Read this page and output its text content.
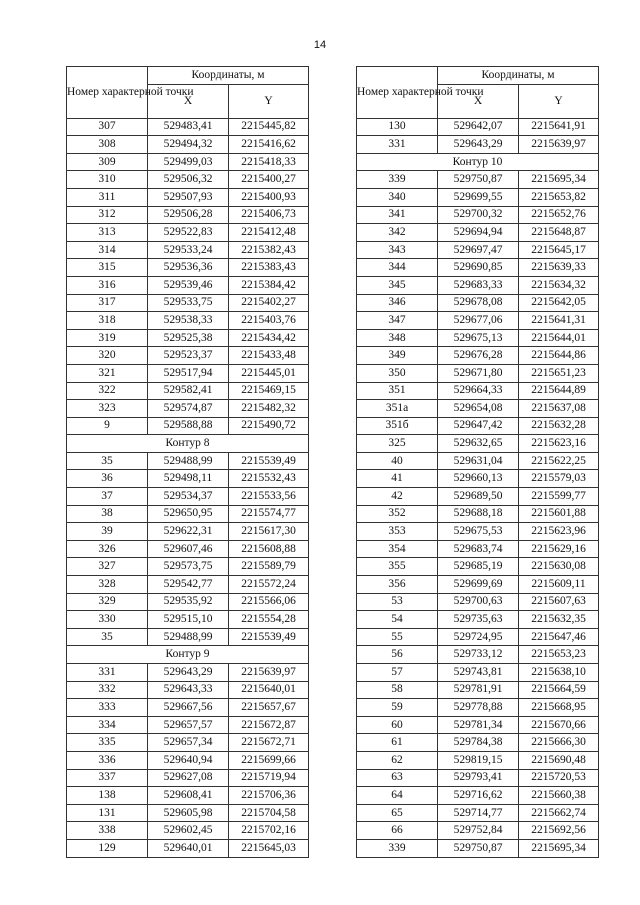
14
Номер характерной точки	Координаты, м	
	X	Y
307	529483,41	2215445,82
308	529494,32	2215416,62
309	529499,03	2215418,33
310	529506,32	2215400,27
311	529507,93	2215400,93
312	529506,28	2215406,73
313	529522,83	2215412,48
314	529533,24	2215382,43
315	529536,36	2215383,43
316	529539,46	2215384,42
317	529533,75	2215402,27
318	529538,33	2215403,76
319	529525,38	2215434,42
320	529523,37	2215433,48
321	529517,94	2215445,01
322	529582,41	2215469,15
323	529574,87	2215482,32
9	529588,88	2215490,72
Контур 8		
35	529488,99	2215539,49
36	529498,11	2215532,43
37	529534,37	2215533,56
38	529650,95	2215574,77
39	529622,31	2215617,30
326	529607,46	2215608,88
327	529573,75	2215589,79
328	529542,77	2215572,24
329	529535,92	2215566,06
330	529515,10	2215554,28
35	529488,99	2215539,49
Контур 9		
331	529643,29	2215639,97
332	529643,33	2215640,01
333	529667,56	2215657,67
334	529657,57	2215672,87
335	529657,34	2215672,71
336	529640,94	2215699,66
337	529627,08	2215719,94
138	529608,41	2215706,36
131	529605,98	2215704,58
338	529602,45	2215702,16
129	529640,01	2215645,03
Номер характерной точки	Координаты, м	
	X	Y
130	529642,07	2215641,91
331	529643,29	2215639,97
Контур 10		
339	529750,87	2215695,34
340	529699,55	2215653,82
341	529700,32	2215652,76
342	529694,94	2215648,87
343	529697,47	2215645,17
344	529690,85	2215639,33
345	529683,33	2215634,32
346	529678,08	2215642,05
347	529677,06	2215641,31
348	529675,13	2215644,01
349	529676,28	2215644,86
350	529671,80	2215651,23
351	529664,33	2215644,89
351а	529654,08	2215637,08
351б	529647,42	2215632,28
325	529632,65	2215623,16
40	529631,04	2215622,25
41	529660,13	2215579,03
42	529689,50	2215599,77
352	529688,18	2215601,88
353	529675,53	2215623,96
354	529683,74	2215629,16
355	529685,19	2215630,08
356	529699,69	2215609,11
53	529700,63	2215607,63
54	529735,63	2215632,35
55	529724,95	2215647,46
56	529733,12	2215653,23
57	529743,81	2215638,10
58	529781,91	2215664,59
59	529778,88	2215668,95
60	529781,34	2215670,66
61	529784,38	2215666,30
62	529819,15	2215690,48
63	529793,41	2215720,53
64	529716,62	2215660,38
65	529714,77	2215662,74
66	529752,84	2215692,56
339	529750,87	2215695,34
